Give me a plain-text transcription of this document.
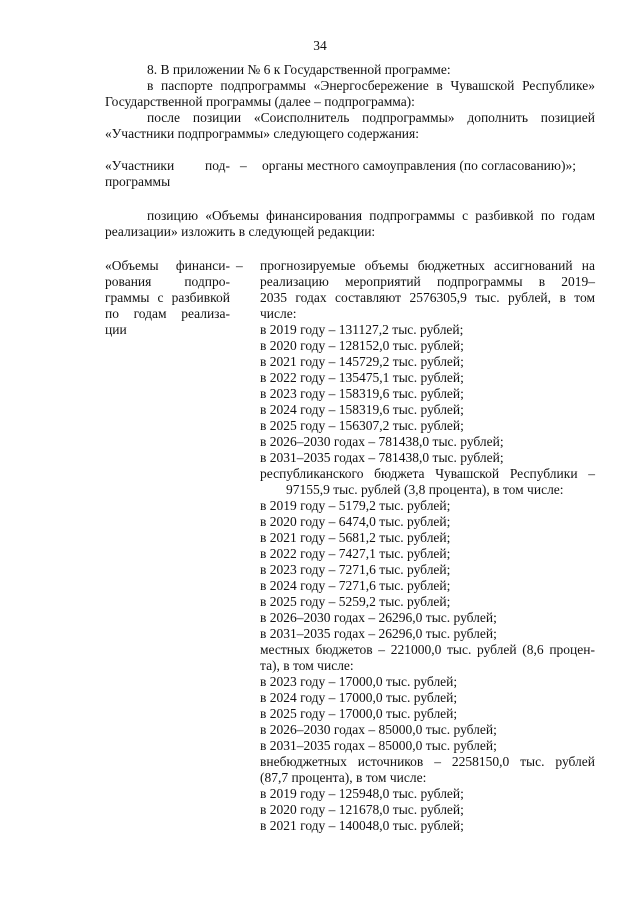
34
8. В приложении № 6 к Государственной программе:
в паспорте подпрограммы «Энергосбережение в Чувашской Республике»
Государственной программы (далее – подпрограмма):
после позиции «Соисполнитель подпрограммы» дополнить позицией
«Участники подпрограммы» следующего содержания:
«Участники под-
программы
– органы местного самоуправления (по согласованию)»;
позицию «Объемы финансирования подпрограммы с разбивкой по годам
реализации» изложить в следующей редакции:
«Объемы финанси-
рования подпро-
граммы с разбивкой
по годам реализа-
ции
– прогнозируемые объемы бюджетных ассигнований на
реализацию мероприятий подпрограммы в 2019–
2035 годах составляют 2576305,9 тыс. рублей, в том
числе:
в 2019 году – 131127,2 тыс. рублей;
в 2020 году – 128152,0 тыс. рублей;
в 2021 году – 145729,2 тыс. рублей;
в 2022 году – 135475,1 тыс. рублей;
в 2023 году – 158319,6 тыс. рублей;
в 2024 году – 158319,6 тыс. рублей;
в 2025 году – 156307,2 тыс. рублей;
в 2026–2030 годах – 781438,0 тыс. рублей;
в 2031–2035 годах – 781438,0 тыс. рублей;
республиканского бюджета Чувашской Республики –
97155,9 тыс. рублей (3,8 процента), в том числе:
в 2019 году – 5179,2 тыс. рублей;
в 2020 году – 6474,0 тыс. рублей;
в 2021 году – 5681,2 тыс. рублей;
в 2022 году – 7427,1 тыс. рублей;
в 2023 году – 7271,6 тыс. рублей;
в 2024 году – 7271,6 тыс. рублей;
в 2025 году – 5259,2 тыс. рублей;
в 2026–2030 годах – 26296,0 тыс. рублей;
в 2031–2035 годах – 26296,0 тыс. рублей;
местных бюджетов – 221000,0 тыс. рублей (8,6 процен-
та), в том числе:
в 2023 году – 17000,0 тыс. рублей;
в 2024 году – 17000,0 тыс. рублей;
в 2025 году – 17000,0 тыс. рублей;
в 2026–2030 годах – 85000,0 тыс. рублей;
в 2031–2035 годах – 85000,0 тыс. рублей;
внебюджетных источников – 2258150,0 тыс. рублей
(87,7 процента), в том числе:
в 2019 году – 125948,0 тыс. рублей;
в 2020 году – 121678,0 тыс. рублей;
в 2021 году – 140048,0 тыс. рублей;
